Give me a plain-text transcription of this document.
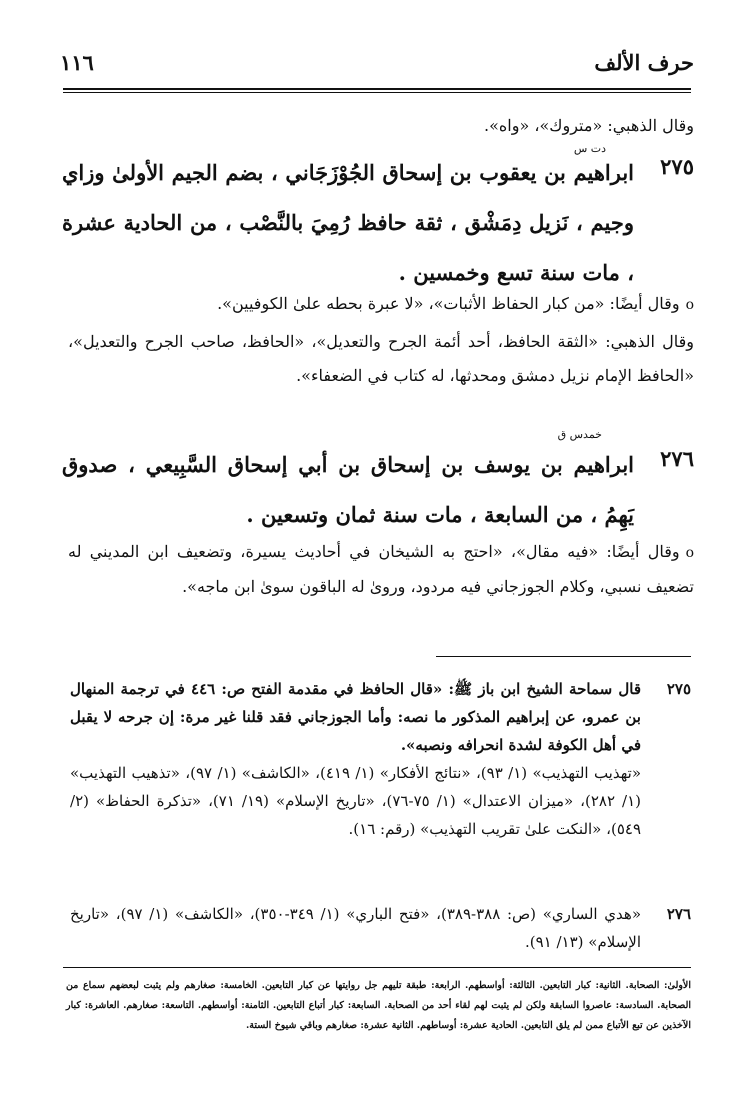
حرف الألف
١١٦
وقال الذهبي: «متروك»، «واه».
دت س
٢٧٥
ابراهيم بن يعقوب بن إسحاق الجُوْزَجَاني ، بضم الجيم الأولىٰ وزاي وجيم ، نَزيل دِمَشْق ، ثقة حافظ رُمِيَ بالنَّصْب ، من الحادية عشرة ، مات سنة تسع وخمسين .
oوقال أيضًا: «من كبار الحفاظ الأثبات»، «لا عبرة بحطه علىٰ الكوفيين».
وقال الذهبي: «الثقة الحافظ، أحد أئمة الجرح والتعديل»، «الحافظ، صاحب الجرح والتعديل»، «الحافظ الإمام نزيل دمشق ومحدثها، له كتاب في الضعفاء».
خمدس ق
٢٧٦
ابراهيم بن يوسف بن إسحاق بن أبي إسحاق السَّبِيعي ، صدوق يَهِمُ ، من السابعة ، مات سنة ثمان وتسعين .
oوقال أيضًا: «فيه مقال»، «احتج به الشيخان في أحاديث يسيرة، وتضعيف ابن المديني له تضعيف نسبي، وكلام الجوزجاني فيه مردود، وروىٰ له الباقون سوىٰ ابن ماجه».
٢٧٥
قال سماحة الشيخ ابن باز ﷺ: «قال الحافظ في مقدمة الفتح ص: ٤٤٦ في ترجمة المنهال بن عمرو، عن إبراهيم المذكور ما نصه: وأما الجوزجاني فقد قلنا غير مرة: إن جرحه لا يقبل في أهل الكوفة لشدة انحرافه ونصبه».
«تهذيب التهذيب» (١/ ٩٣)، «نتائج الأفكار» (١/ ٤١٩)، «الكاشف» (١/ ٩٧)، «تذهيب التهذيب» (١/ ٢٨٢)، «ميزان الاعتدال» (١/ ٧٥-٧٦)، «تاريخ الإسلام» (١٩/ ٧١)، «تذكرة الحفاظ» (٢/ ٥٤٩)، «النكت علىٰ تقريب التهذيب» (رقم: ١٦).
٢٧٦
«هدي الساري» (ص: ٣٨٨-٣٨٩)، «فتح الباري» (١/ ٣٤٩-٣٥٠)، «الكاشف» (١/ ٩٧)، «تاريخ الإسلام» (١٣/ ٩١).
الأولىٰ: الصحابة. الثانية: كبار التابعين. الثالثة: أواسطهم. الرابعة: طبقة تليهم جل روايتها عن كبار التابعين. الخامسة: صغارهم ولم يثبت لبعضهم سماع من الصحابة. السادسة: عاصروا السابقة ولكن لم يثبت لهم لقاء أحد من الصحابة. السابعة: كبار أتباع التابعين. الثامنة: أواسطهم. التاسعة: صغارهم. العاشرة: كبار الآخذين عن تبع الأتباع ممن لم يلق التابعين. الحادية عشرة: أوساطهم. الثانية عشرة: صغارهم وباقي شيوخ الستة.
